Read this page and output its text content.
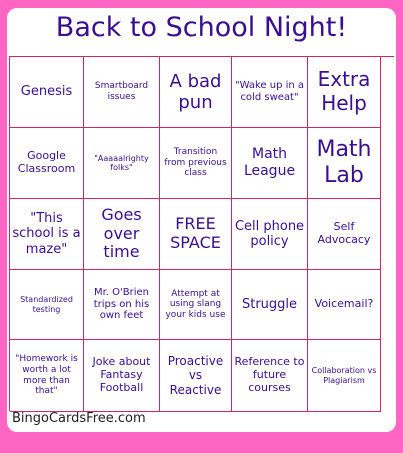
Back to School Night!
Genesis	Smartboard issues
A bad pun
"Wake up in a cold sweat"
Extra Help
Google Classroom
"Aaaaalrighty folks"
Transition from previous class
Math League
Math Lab
"This school is a maze"
Goes over time
FREE SPACE
Cell phone policy
Self Advocacy
Standardized testing
Mr. O'Brien trips on his own feet
Attempt at using slang your kids use
Struggle	Voicemail?
"Homework is worth a lot more than that"
Joke about Fantasy Football
Proactive vs Reactive
Reference to future courses
Collaboration vs Plagiarism
BingoCardsFree.com
